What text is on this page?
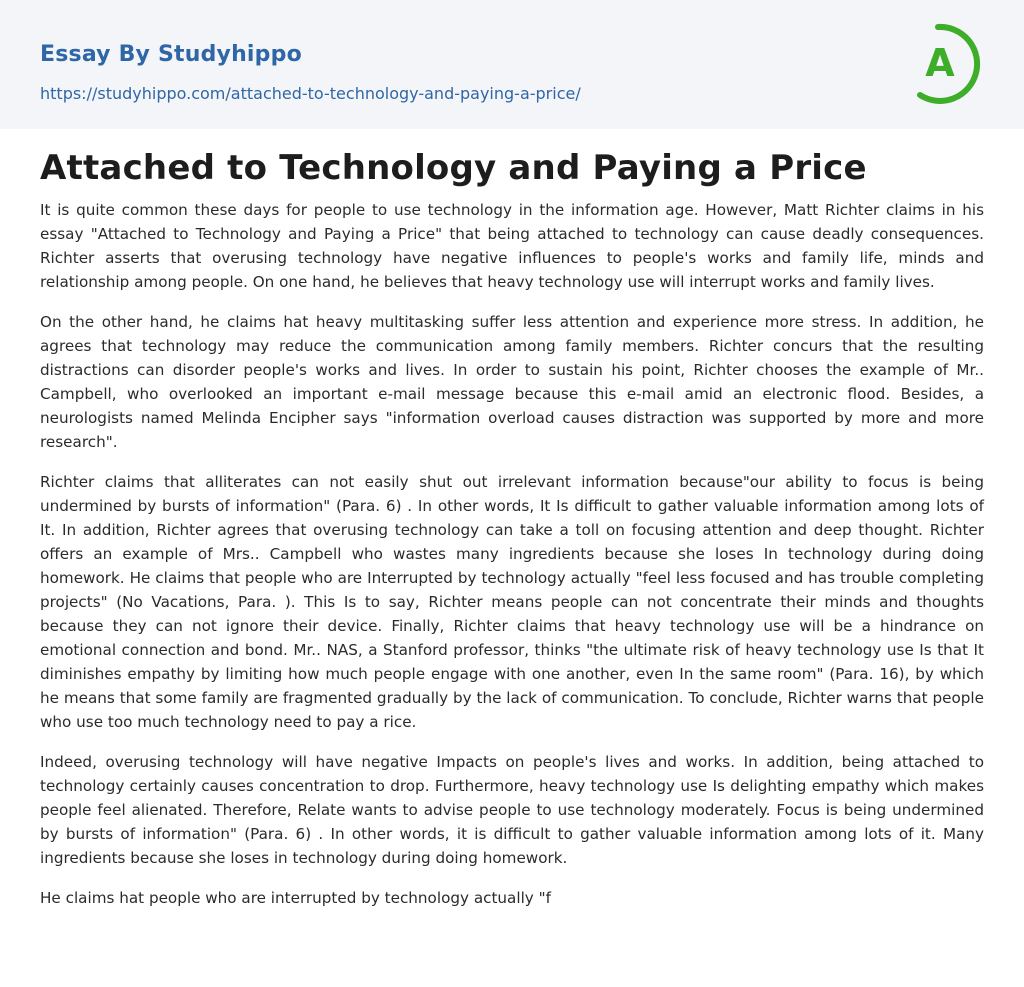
Essay By Studyhippo
https://studyhippo.com/attached-to-technology-and-paying-a-price/
A
Attached to Technology and Paying a Price

It is quite common these days for people to use technology in the information age. However, Matt Richter claims in his essay "Attached to Technology and Paying a Price" that being attached to technology can cause deadly consequences. Richter asserts that overusing technology have negative influences to people's works and family life, minds and relationship among people. On one hand, he believes that heavy technology use will interrupt works and family lives.

On the other hand, he claims hat heavy multitasking suffer less attention and experience more stress. In addition, he agrees that technology may reduce the communication among family members. Richter concurs that the resulting distractions can disorder people's works and lives. In order to sustain his point, Richter chooses the example of Mr.. Campbell, who overlooked an important e-mail message because this e-mail amid an electronic flood. Besides, a neurologists named Melinda Encipher says "information overload causes distraction was supported by more and more research".

Richter claims that alliterates can not easily shut out irrelevant information because"our ability to focus is being undermined by bursts of information" (Para. 6) . In other words, It Is difficult to gather valuable information among lots of It. In addition, Richter agrees that overusing technology can take a toll on focusing attention and deep thought. Richter offers an example of Mrs.. Campbell who wastes many ingredients because she loses In technology during doing homework. He claims that people who are Interrupted by technology actually "feel less focused and has trouble completing projects" (No Vacations, Para. ). This Is to say, Richter means people can not concentrate their minds and thoughts because they can not ignore their device. Finally, Richter claims that heavy technology use will be a hindrance on emotional connection and bond. Mr.. NAS, a Stanford professor, thinks "the ultimate risk of heavy technology use Is that It diminishes empathy by limiting how much people engage with one another, even In the same room" (Para. 16), by which he means that some family are fragmented gradually by the lack of communication. To conclude, Richter warns that people who use too much technology need to pay a rice.

Indeed, overusing technology will have negative Impacts on people's lives and works. In addition, being attached to technology certainly causes concentration to drop. Furthermore, heavy technology use Is delighting empathy which makes people feel alienated. Therefore, Relate wants to advise people to use technology moderately. Focus is being undermined by bursts of information" (Para. 6) . In other words, it is difficult to gather valuable information among lots of it. Many ingredients because she loses in technology during doing homework.

He claims hat people who are interrupted by technology actually "f
